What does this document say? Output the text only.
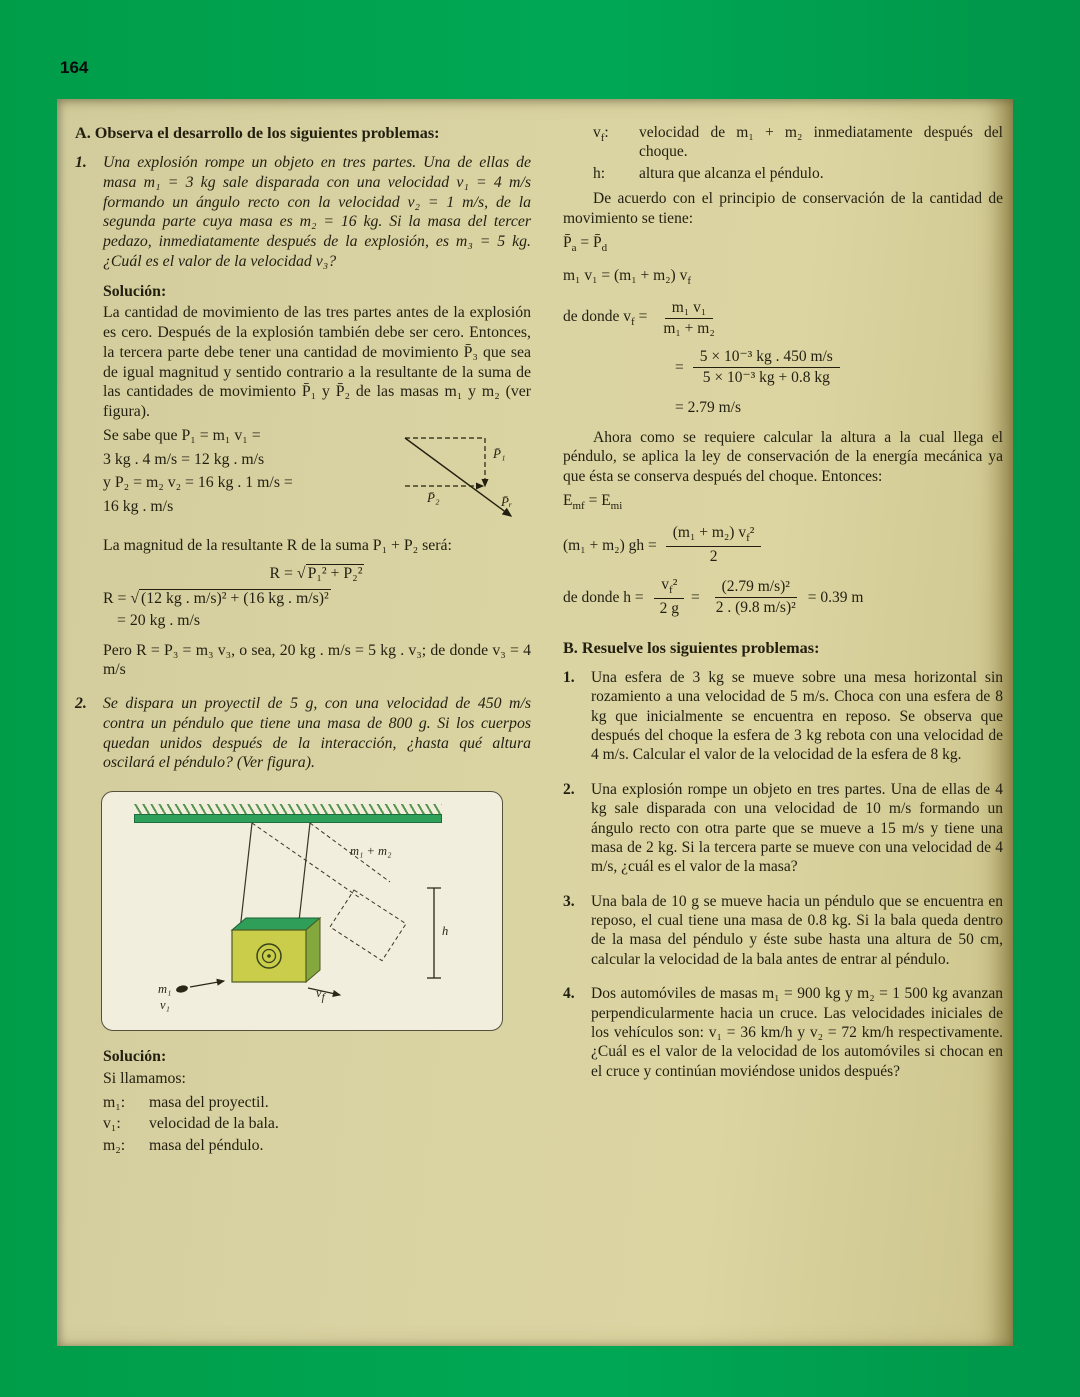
164
A. Observa el desarrollo de los siguientes problemas:
1.	Una explosión rompe un objeto en tres partes. Una de ellas de masa m₁ = 3 kg sale disparada con una velocidad v₁ = 4 m/s formando un ángulo recto con la velocidad v₂ = 1 m/s, de la segunda parte cuya masa es m₂ = 16 kg. Si la masa del tercer pedazo, inmediatamente después de la explosión, es m₃ = 5 kg. ¿Cuál es el valor de la velocidad v₃?
Solución:

La cantidad de movimiento de las tres partes antes de la explosión es cero. Después de la explosión también debe ser cero. Entonces, la tercera parte debe tener una cantidad de movimiento P̄₃ que sea de igual magnitud y sentido contrario a la resultante de la suma de las cantidades de movimiento P̄₁ y P̄₂ de las masas m₁ y m₂ (ver figura).

P̄₁
P̄₂	P̄ᵣ
Se sabe que P₁ = m₁ v₁ =
3 kg . 4 m/s = 12 kg . m/s
y P₂ = m₂ v₂ = 16 kg . 1 m/s =
16 kg . m/s

La magnitud de la resultante R de la suma P₁ + P₂ será:

R = √ P₁² + P₂²
R = √ (12 kg . m/s)² + (16 kg . m/s)²
= 20 kg . m/s

Pero R = P₃ = m₃ v₃, o sea, 20 kg . m/s = 5 kg . v₃; de donde v₃ = 4 m/s

2.	Se dispara un proyectil de 5 g, con una velocidad de 450 m/s contra un péndulo que tiene una masa de 800 g. Si los cuerpos quedan unidos después de la interacción, ¿hasta qué altura oscilará el péndulo? (Ver figura).
m₁ + m₂
h
$v_f$
m₁
v₁
Solución:
Si llamamos:
m₁:	masa del proyectil.
v₁:	velocidad de la bala.
m₂:	masa del péndulo.
$v_f$:	velocidad de m₁ + m₂ inmediatamente después del choque.
h:	altura que alcanza el péndulo.

De acuerdo con el principio de conservación de la cantidad de movimiento se tiene:

$P̄_a$ = $P̄_d$
m₁ v₁ = (m₁ + m₂) $v_f$
de donde $v_f = \frac{\text{m₁ v₁}}{\text{m₁ + m₂}}$
= $\frac{\text{5 × 10⁻³ kg . 450 m/s}}{\text{5 × 10⁻³ kg + 0.8 kg}}$
= 2.79 m/s

Ahora como se requiere calcular la altura a la cual llega el péndulo, se aplica la ley de conservación de la energía mecánica ya que ésta se conserva después del choque. Entonces:

$E_{mf} = E_{mi}$
(m₁ + m₂) gh = $\frac{(m_1 + m_2) v_f^2}{2}$
de donde $h = \frac{v_f^2}{2 g} = \frac{\text{(2.79 m/s)²}}{\text{2 . (9.8 m/s)²}} = 0.39$ m
B. Resuelve los siguientes problemas:
1.	Una esfera de 3 kg se mueve sobre una mesa horizontal sin rozamiento a una velocidad de 5 m/s. Choca con una esfera de 8 kg que inicialmente se encuentra en reposo. Se observa que después del choque la esfera de 3 kg rebota con una velocidad de 4 m/s. Calcular el valor de la velocidad de la esfera de 8 kg.
2.	Una explosión rompe un objeto en tres partes. Una de ellas de 4 kg sale disparada con una velocidad de 10 m/s formando un ángulo recto con otra parte que se mueve a 15 m/s y tiene una masa de 2 kg. Si la tercera parte se mueve con una velocidad de 4 m/s, ¿cuál es el valor de la masa?
3.	Una bala de 10 g se mueve hacia un péndulo que se encuentra en reposo, el cual tiene una masa de 0.8 kg. Si la bala queda dentro de la masa del péndulo y éste sube hasta una altura de 50 cm, calcular la velocidad de la bala antes de entrar al péndulo.
4.	Dos automóviles de masas m₁ = 900 kg y m₂ = 1 500 kg avanzan perpendicularmente hacia un cruce. Las velocidades iniciales de los vehículos son: v₁ = 36 km/h y v₂ = 72 km/h respectivamente. ¿Cuál es el valor de la velocidad de los automóviles si chocan en el cruce y continúan moviéndose unidos después?
